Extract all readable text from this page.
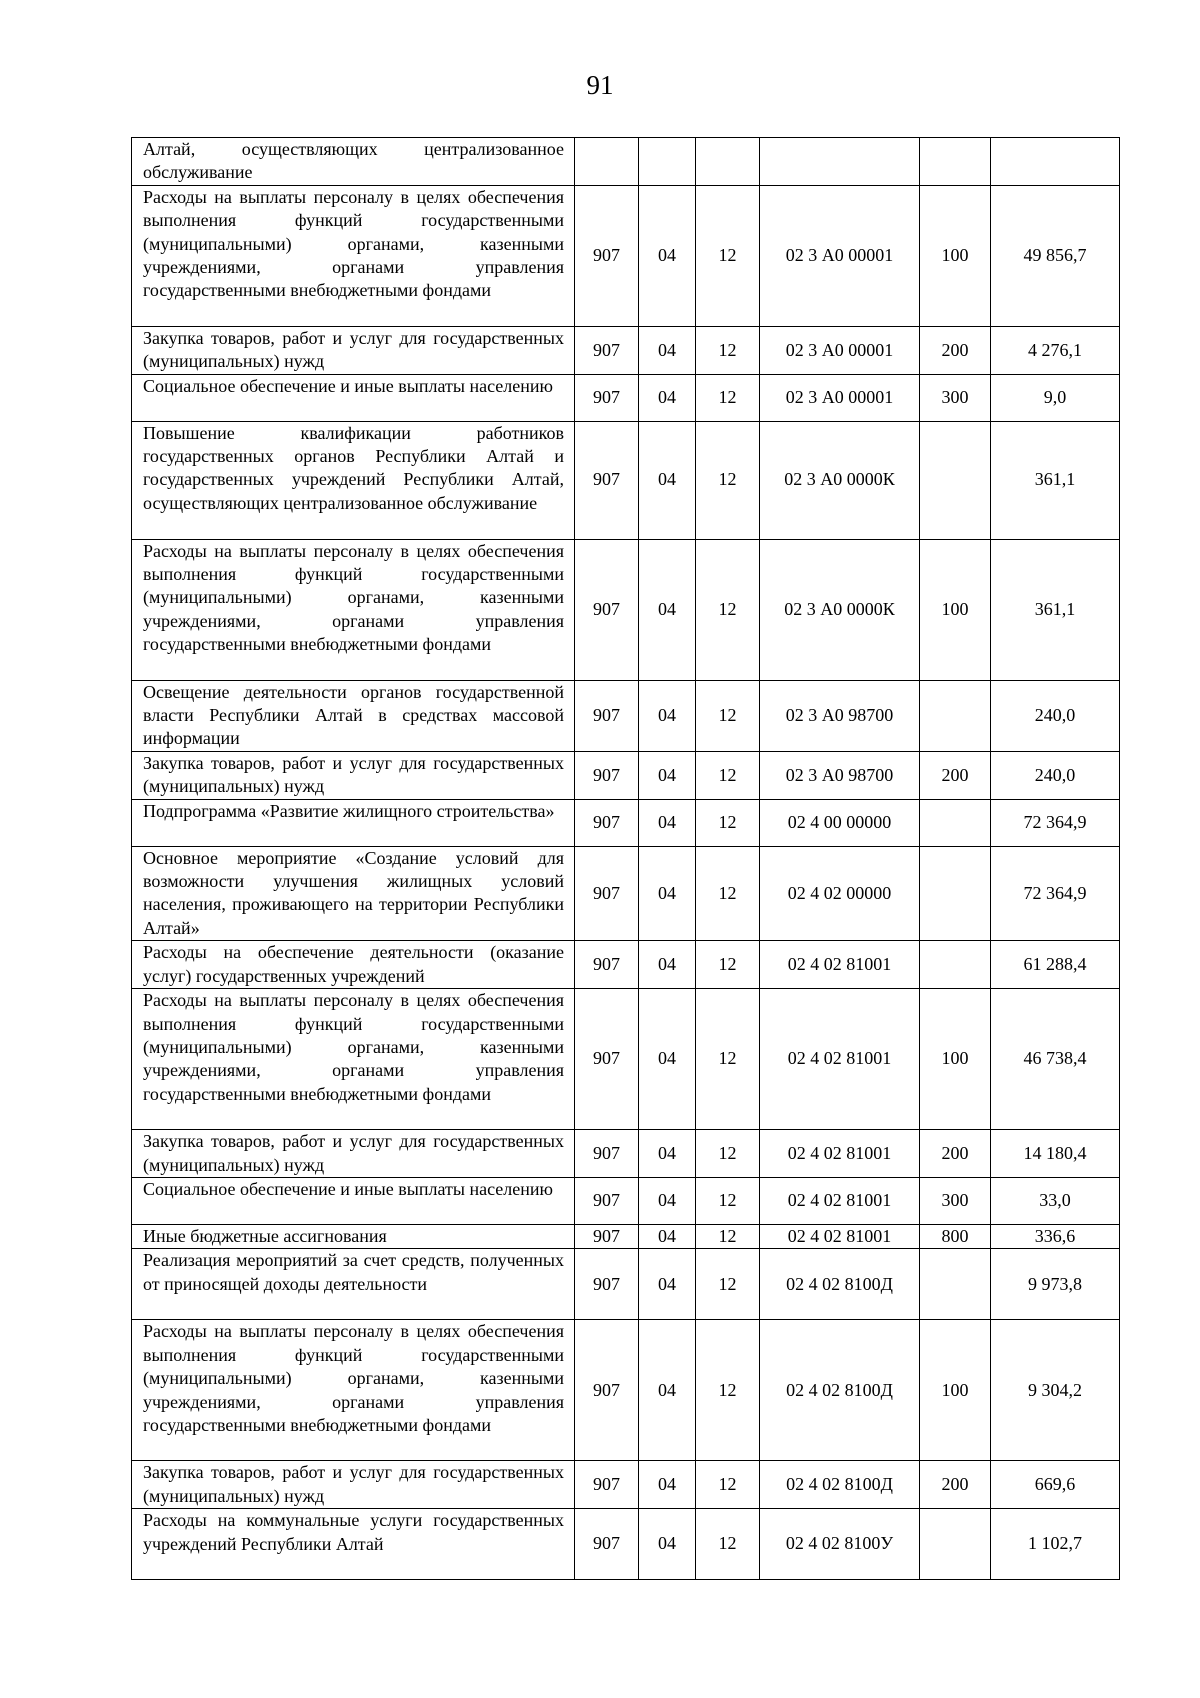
91
Алтай, осуществляющих централизованное обслуживание						
Расходы на выплаты персоналу в целях обеспечения выполнения функций государственными (муниципальными) органами, казенными учреждениями, органами управления государственными внебюджетными фондами	907	04	12	02 3 А0 00001	100	49 856,7
Закупка товаров, работ и услуг для государственных (муниципальных) нужд	907	04	12	02 3 А0 00001	200	4 276,1
Социальное обеспечение и иные выплаты населению	907	04	12	02 3 А0 00001	300	9,0
Повышение квалификации работников государственных органов Республики Алтай и государственных учреждений Республики Алтай, осуществляющих централизованное обслуживание	907	04	12	02 3 А0 0000К		361,1
Расходы на выплаты персоналу в целях обеспечения выполнения функций государственными (муниципальными) органами, казенными учреждениями, органами управления государственными внебюджетными фондами	907	04	12	02 3 А0 0000К	100	361,1
Освещение деятельности органов государственной власти Республики Алтай в средствах массовой информации	907	04	12	02 3 А0 98700		240,0
Закупка товаров, работ и услуг для государственных (муниципальных) нужд	907	04	12	02 3 А0 98700	200	240,0
Подпрограмма «Развитие жилищного строительства»	907	04	12	02 4 00 00000		72 364,9
Основное мероприятие «Создание условий для возможности улучшения жилищных условий населения, проживающего на территории Республики Алтай»	907	04	12	02 4 02 00000		72 364,9
Расходы на обеспечение деятельности (оказание услуг) государственных учреждений	907	04	12	02 4 02 81001		61 288,4
Расходы на выплаты персоналу в целях обеспечения выполнения функций государственными (муниципальными) органами, казенными учреждениями, органами управления государственными внебюджетными фондами	907	04	12	02 4 02 81001	100	46 738,4
Закупка товаров, работ и услуг для государственных (муниципальных) нужд	907	04	12	02 4 02 81001	200	14 180,4
Социальное обеспечение и иные выплаты населению	907	04	12	02 4 02 81001	300	33,0
Иные бюджетные ассигнования	907	04	12	02 4 02 81001	800	336,6
Реализация мероприятий за счет средств, полученных от приносящей доходы деятельности	907	04	12	02 4 02 8100Д		9 973,8
Расходы на выплаты персоналу в целях обеспечения выполнения функций государственными (муниципальными) органами, казенными учреждениями, органами управления государственными внебюджетными фондами	907	04	12	02 4 02 8100Д	100	9 304,2
Закупка товаров, работ и услуг для государственных (муниципальных) нужд	907	04	12	02 4 02 8100Д	200	669,6
Расходы на коммунальные услуги государственных учреждений Республики Алтай	907	04	12	02 4 02 8100У		1 102,7
